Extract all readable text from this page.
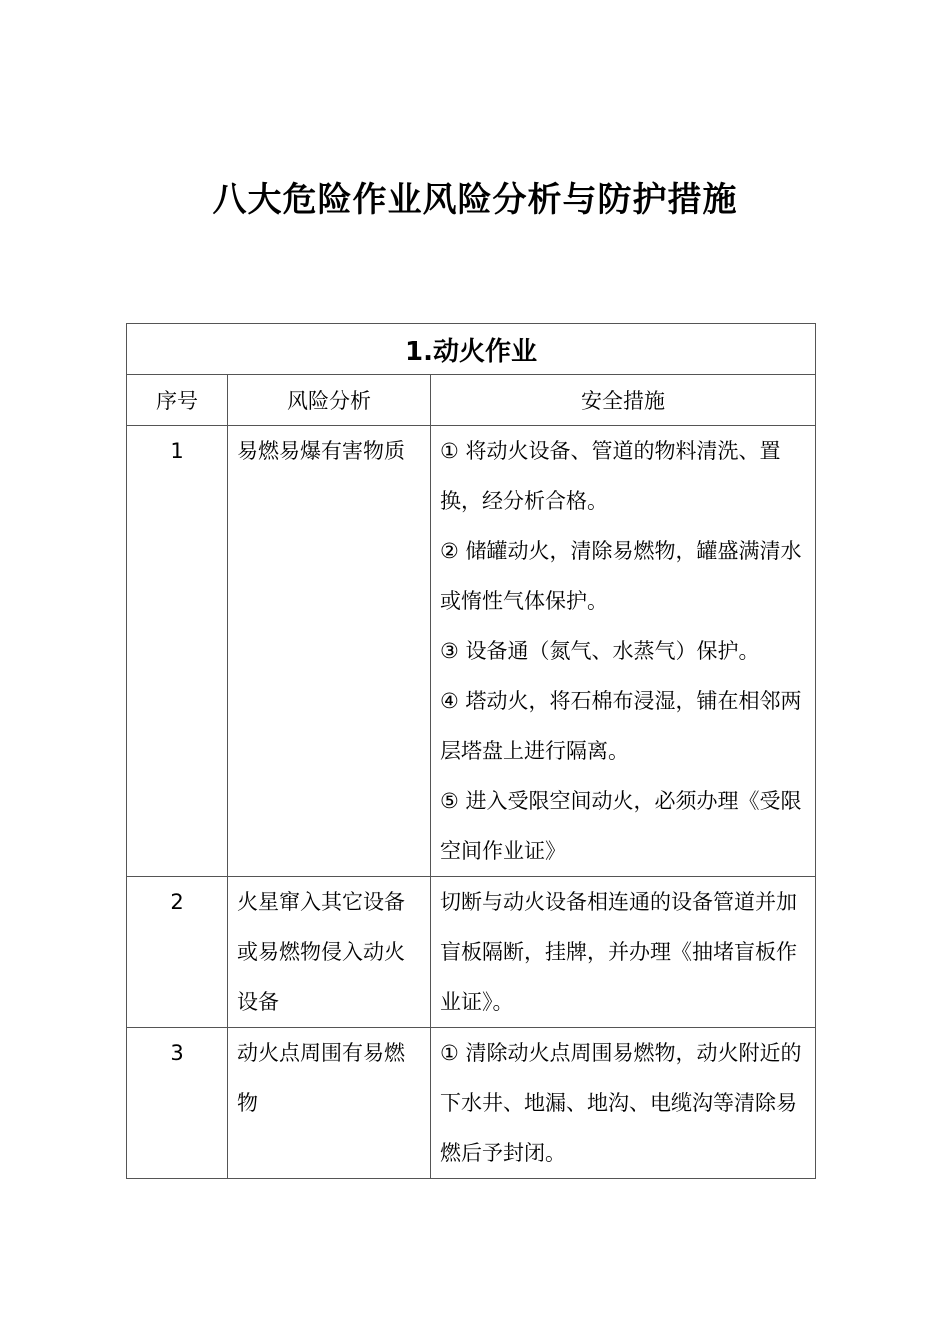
八大危险作业风险分析与防护措施
1.动火作业		
序号	风险分析	安全措施
1	易燃易爆有害物质	① 将动火设备、管道的物料清洗、置换，经分析合格。
② 储罐动火，清除易燃物，罐盛满清水或惰性气体保护。
③ 设备通（氮气、水蒸气）保护。
④ 塔动火，将石棉布浸湿，铺在相邻两层塔盘上进行隔离。
⑤ 进入受限空间动火，必须办理《受限空间作业证》

2	火星窜入其它设备或易燃物侵入动火设备	切断与动火设备相连通的设备管道并加盲板隔断，挂牌，并办理《抽堵盲板作业证》。

3	动火点周围有易燃物	① 清除动火点周围易燃物，动火附近的下水井、地漏、地沟、电缆沟等清除易燃后予封闭。
